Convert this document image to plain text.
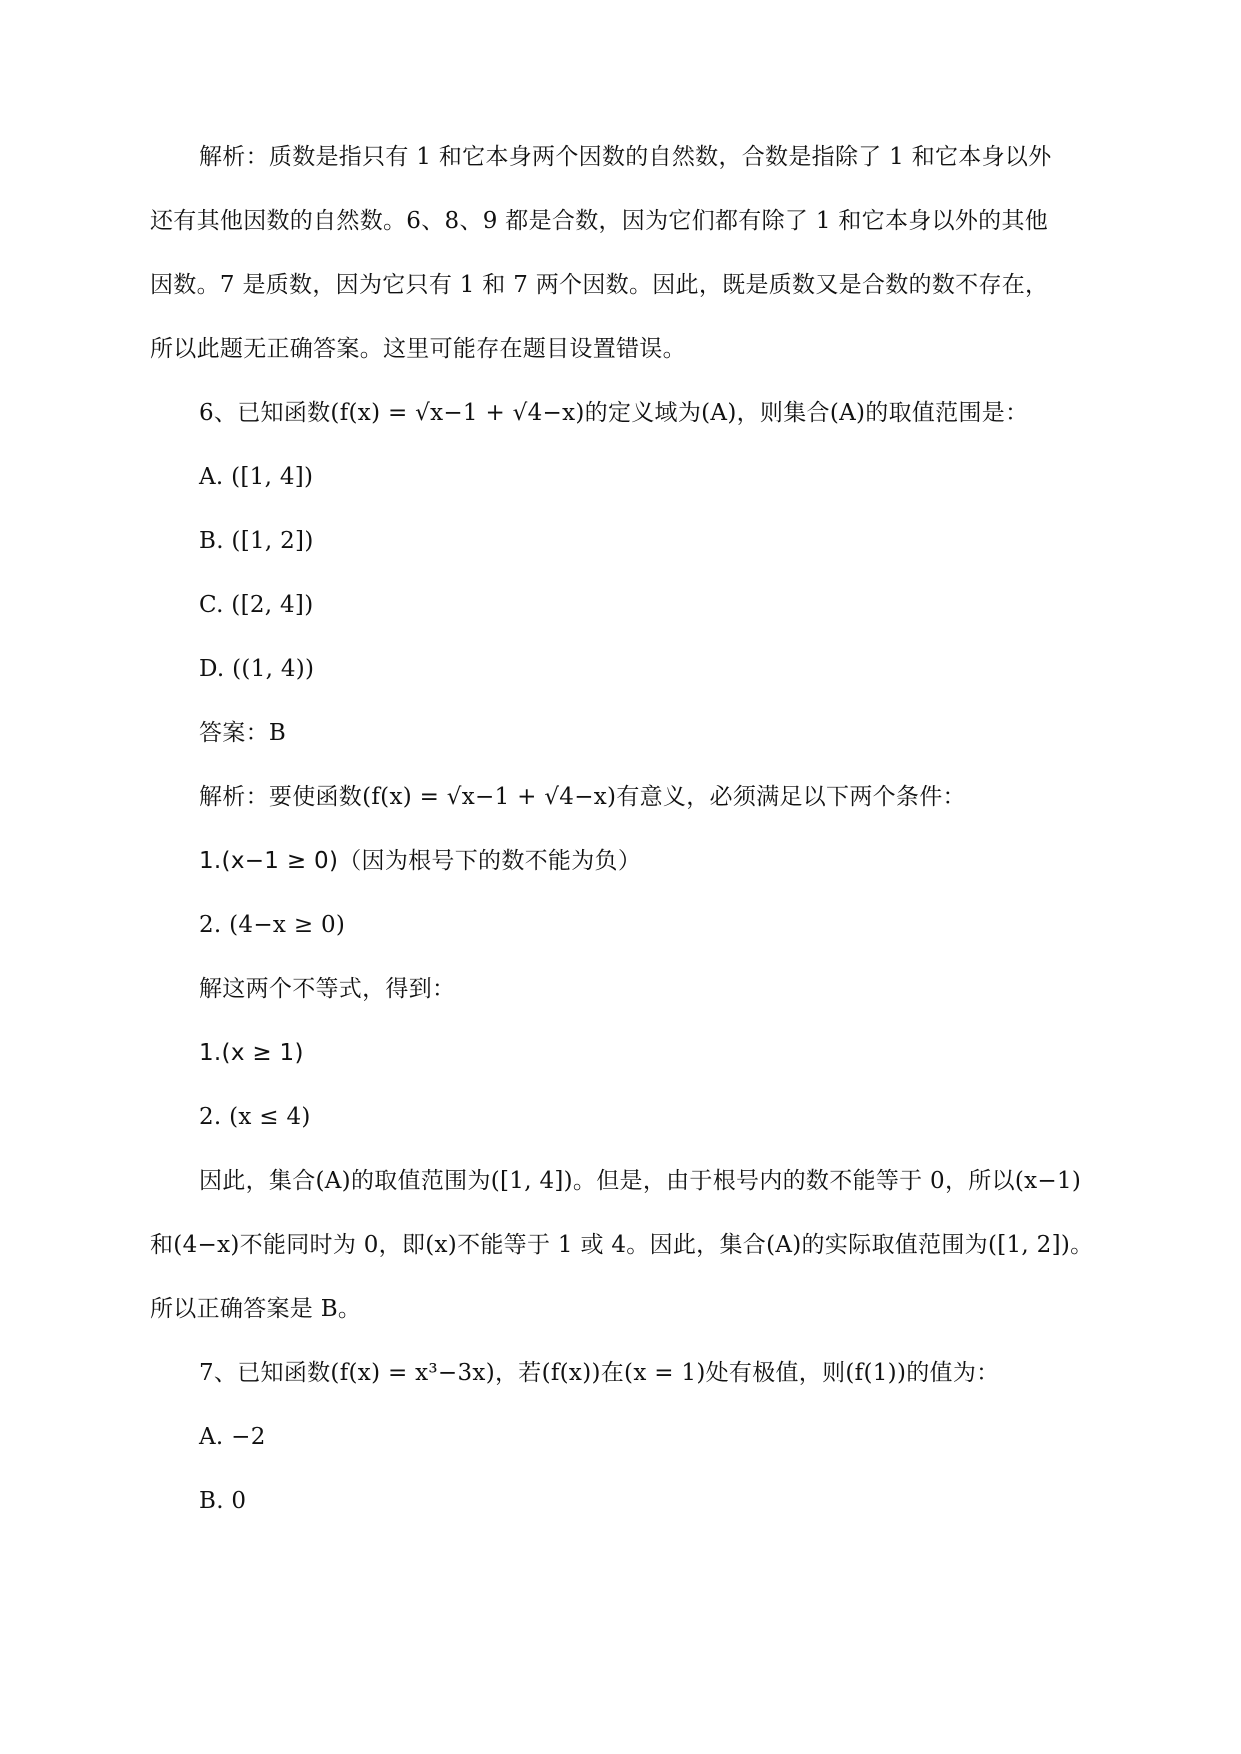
解析：质数是指只有 1 和它本身两个因数的自然数，合数是指除了 1 和它本身以外
还有其他因数的自然数。6、8、9 都是合数，因为它们都有除了 1 和它本身以外的其他
因数。7 是质数，因为它只有 1 和 7 两个因数。因此，既是质数又是合数的数不存在，
所以此题无正确答案。这里可能存在题目设置错误。
6、已知函数(f(x) = √x−1 + √4−x)的定义域为(A)，则集合(A)的取值范围是：
A. ([1, 4])
B. ([1, 2])
C. ([2, 4])
D. ((1, 4))
答案：B
解析：要使函数(f(x) = √x−1 + √4−x)有意义，必须满足以下两个条件：
1.(x−1 ≥ 0)（因为根号下的数不能为负）
2. (4−x ≥ 0)
解这两个不等式，得到：
1.(x ≥ 1)
2. (x ≤ 4)
因此，集合(A)的取值范围为([1, 4])。但是，由于根号内的数不能等于 0，所以(x−1)
和(4−x)不能同时为 0，即(x)不能等于 1 或 4。因此，集合(A)的实际取值范围为([1, 2])。
所以正确答案是 B。
7、已知函数(f(x) = x³−3x)，若(f(x))在(x = 1)处有极值，则(f(1))的值为：
A. −2
B. 0
